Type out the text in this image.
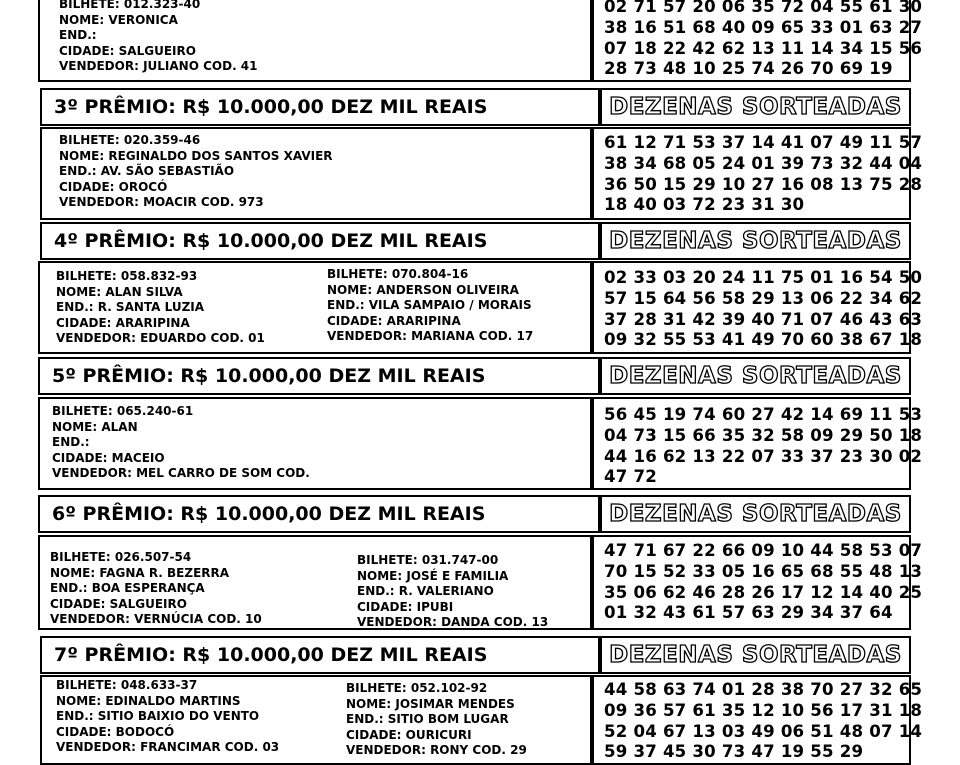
BILHETE: 012.323-40
NOME: VERONICA
END.:
CIDADE: SALGUEIRO
VENDEDOR: JULIANO COD. 41
02 71 57 20 06 35 72 04 55 61 30
38 16 51 68 40 09 65 33 01 63 27
07 18 22 42 62 13 11 14 34 15 56
28 73 48 10 25 74 26 70 69 19
3º PRÊMIO: R$ 10.000,00 DEZ MIL REAIS	DEZENAS SORTEADAS
BILHETE: 020.359-46
NOME: REGINALDO DOS SANTOS XAVIER
END.: AV. SÃO SEBASTIÃO
CIDADE: OROCÓ
VENDEDOR: MOACIR COD. 973
61 12 71 53 37 14 41 07 49 11 57
38 34 68 05 24 01 39 73 32 44 04
36 50 15 29 10 27 16 08 13 75 28
18 40 03 72 23 31 30
4º PRÊMIO: R$ 10.000,00 DEZ MIL REAIS	DEZENAS SORTEADAS
BILHETE: 058.832-93
NOME: ALAN SILVA
END.: R. SANTA LUZIA
CIDADE: ARARIPINA
VENDEDOR: EDUARDO COD. 01
BILHETE: 070.804-16
NOME: ANDERSON OLIVEIRA
END.: VILA SAMPAIO / MORAIS
CIDADE: ARARIPINA
VENDEDOR: MARIANA COD. 17
02 33 03 20 24 11 75 01 16 54 50
57 15 64 56 58 29 13 06 22 34 62
37 28 31 42 39 40 71 07 46 43 63
09 32 55 53 41 49 70 60 38 67 18
5º PRÊMIO: R$ 10.000,00 DEZ MIL REAIS	DEZENAS SORTEADAS
BILHETE: 065.240-61
NOME: ALAN
END.:
CIDADE: MACEIO
VENDEDOR: MEL CARRO DE SOM COD.
56 45 19 74 60 27 42 14 69 11 53
04 73 15 66 35 32 58 09 29 50 18
44 16 62 13 22 07 33 37 23 30 02
47 72
6º PRÊMIO: R$ 10.000,00 DEZ MIL REAIS	DEZENAS SORTEADAS
BILHETE: 026.507-54
NOME: FAGNA R. BEZERRA
END.: BOA ESPERANÇA
CIDADE: SALGUEIRO
VENDEDOR: VERNÚCIA COD. 10
BILHETE: 031.747-00
NOME: JOSÉ E FAMILIA
END.: R. VALERIANO
CIDADE: IPUBI
VENDEDOR: DANDA COD. 13
47 71 67 22 66 09 10 44 58 53 07
70 15 52 33 05 16 65 68 55 48 13
35 06 62 46 28 26 17 12 14 40 25
01 32 43 61 57 63 29 34 37 64
7º PRÊMIO: R$ 10.000,00 DEZ MIL REAIS	DEZENAS SORTEADAS
BILHETE: 048.633-37
NOME: EDINALDO MARTINS
END.: SITIO BAIXIO DO VENTO
CIDADE: BODOCÓ
VENDEDOR: FRANCIMAR COD. 03
BILHETE: 052.102-92
NOME: JOSIMAR MENDES
END.: SITIO BOM LUGAR
CIDADE: OURICURI
VENDEDOR: RONY COD. 29
44 58 63 74 01 28 38 70 27 32 65
09 36 57 61 35 12 10 56 17 31 18
52 04 67 13 03 49 06 51 48 07 14
59 37 45 30 73 47 19 55 29
